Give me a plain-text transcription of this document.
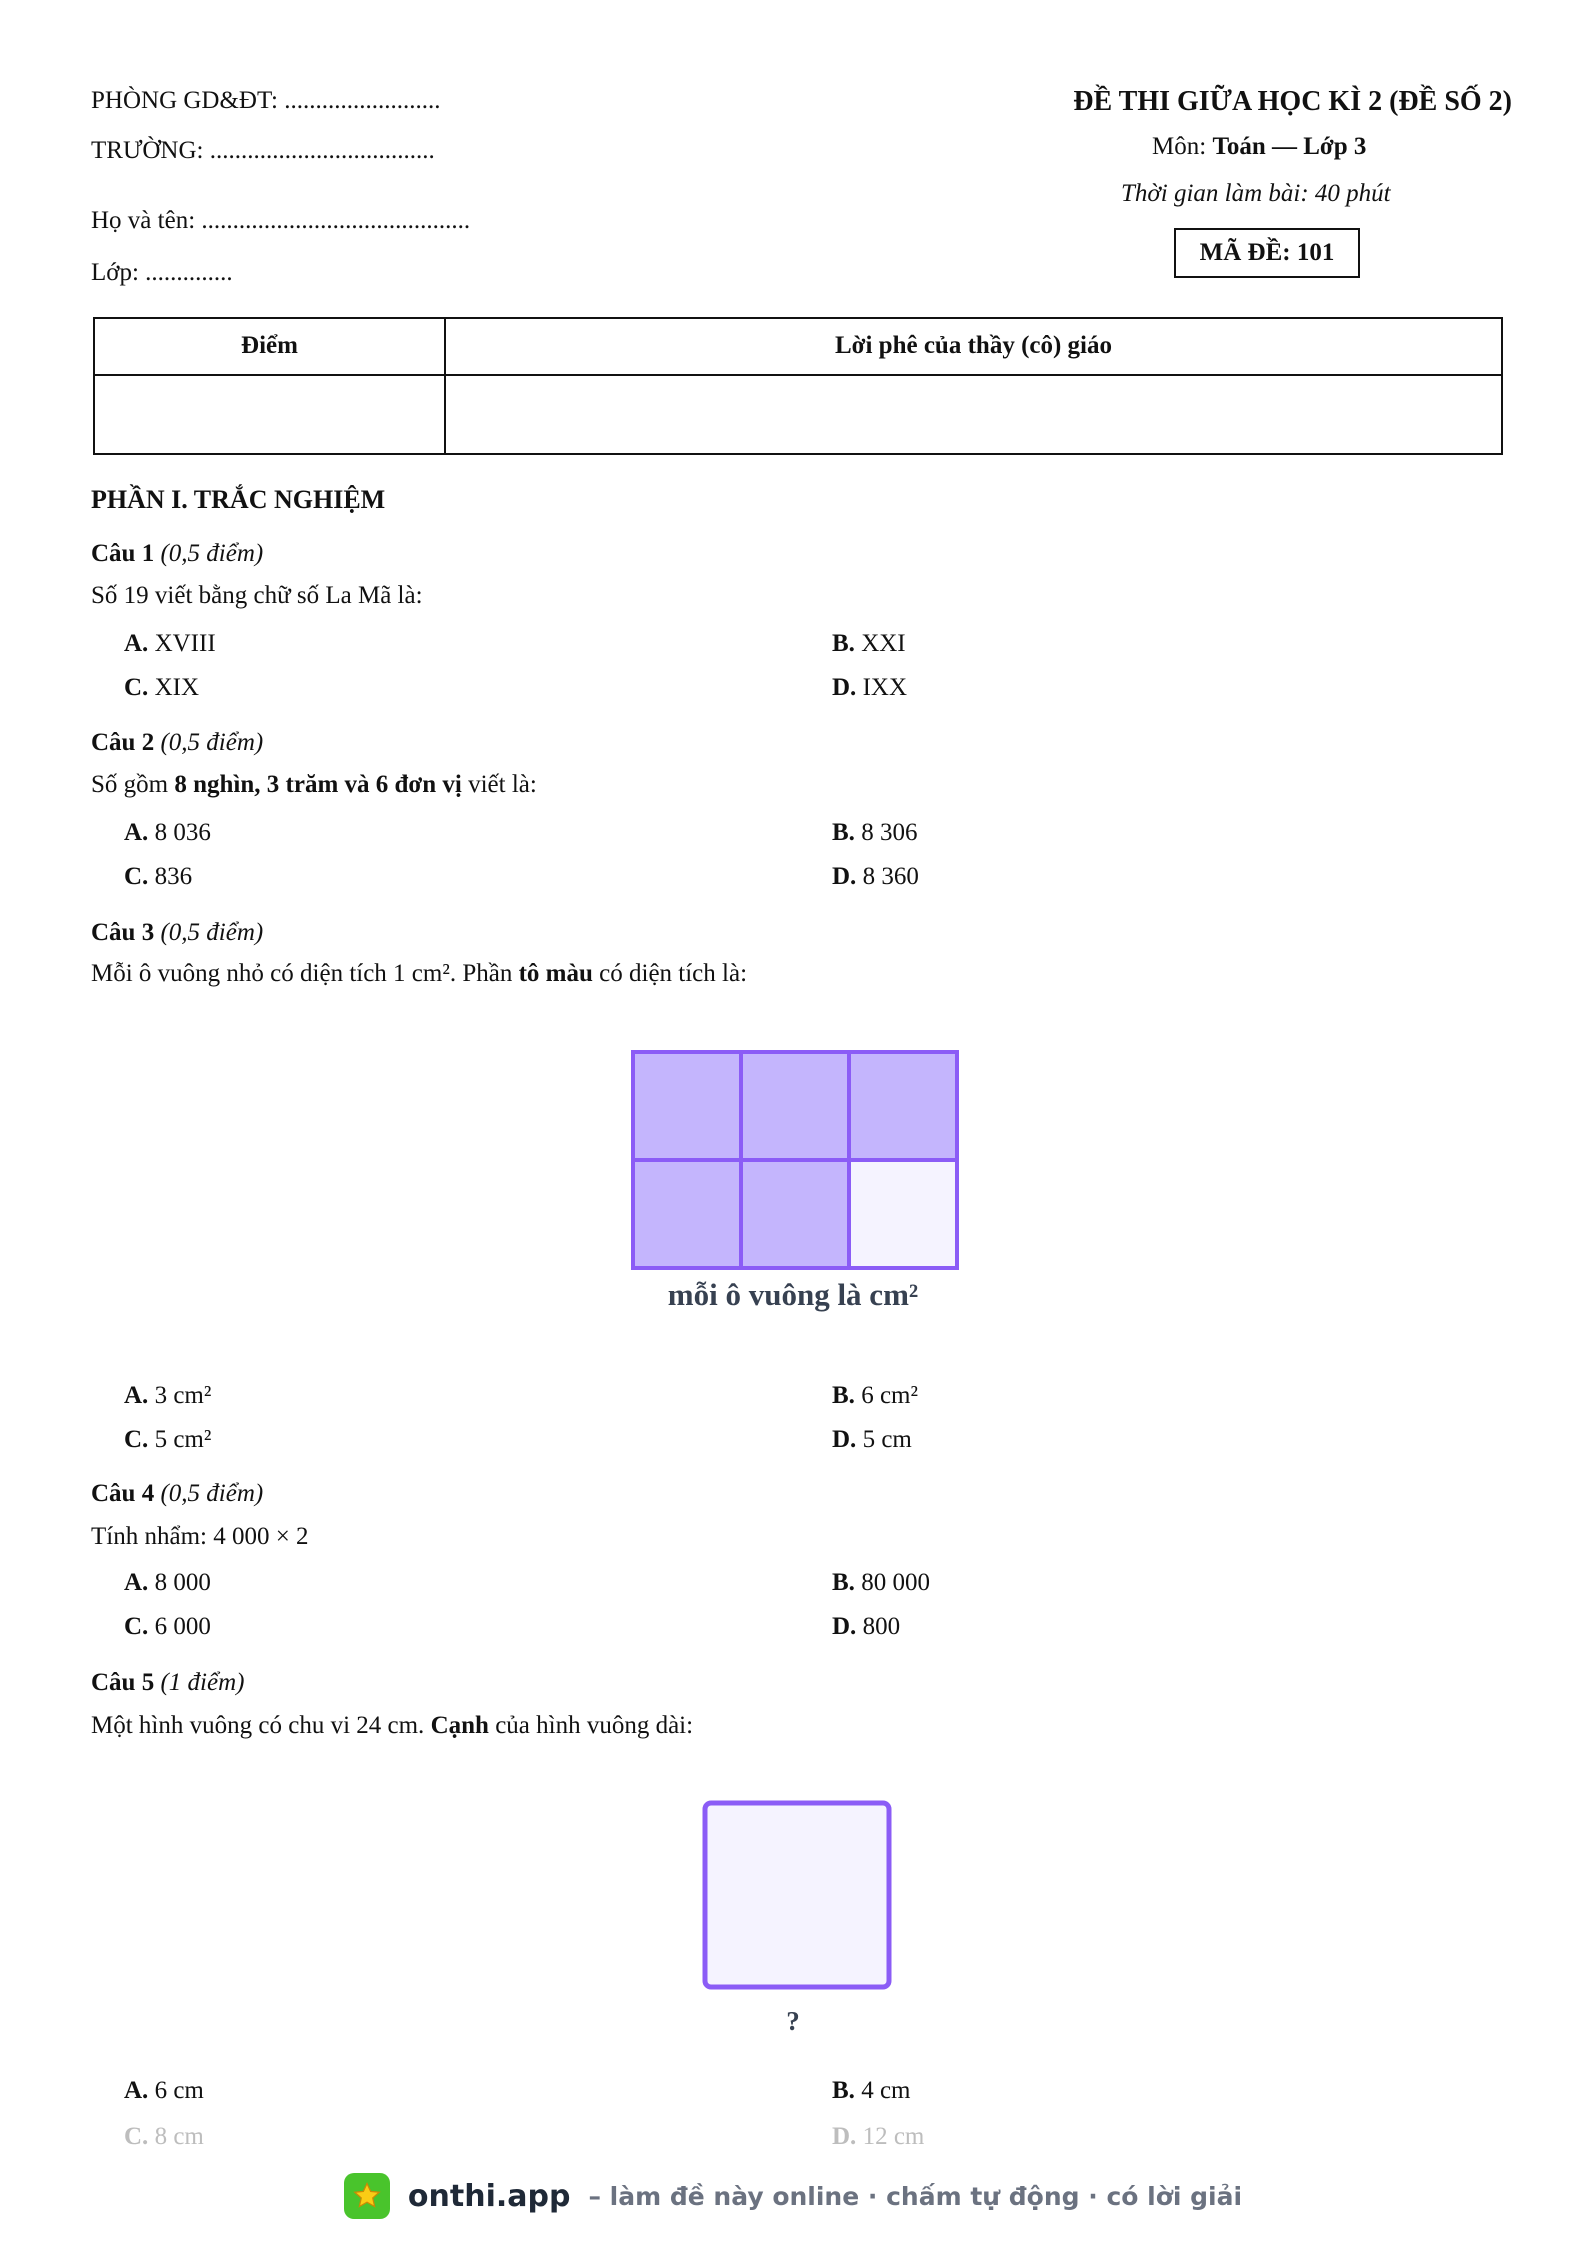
PHÒNG GD&ĐT: .........................
TRƯỜNG: ....................................
Họ và tên: ...........................................
Lớp: ..............
ĐỀ THI GIỮA HỌC KÌ 2 (ĐỀ SỐ 2)
Môn: Toán — Lớp 3
Thời gian làm bài: 40 phút
MÃ ĐỀ: 101
Điểm	Lời phê của thầy (cô) giáo
PHẦN I. TRẮC NGHIỆM
Câu 1 (0,5 điểm)
Số 19 viết bằng chữ số La Mã là:
A. XVIII	B. XXI
C. XIX	D. IXX
Câu 2 (0,5 điểm)
Số gồm 8 nghìn, 3 trăm và 6 đơn vị viết là:
A. 8 036	B. 8 306
C. 836	D. 8 360
Câu 3 (0,5 điểm)
Mỗi ô vuông nhỏ có diện tích 1 cm². Phần tô màu có diện tích là:
mỗi ô vuông là cm²
A. 3 cm²	B. 6 cm²
C. 5 cm²	D. 5 cm
Câu 4 (0,5 điểm)
Tính nhẩm: 4 000 × 2
A. 8 000	B. 80 000
C. 6 000	D. 800
Câu 5 (1 điểm)
Một hình vuông có chu vi 24 cm. Cạnh của hình vuông dài:
?
A. 6 cm	B. 4 cm
C. 8 cm	D. 12 cm
onthi.app – làm đề này online · chấm tự động · có lời giải
